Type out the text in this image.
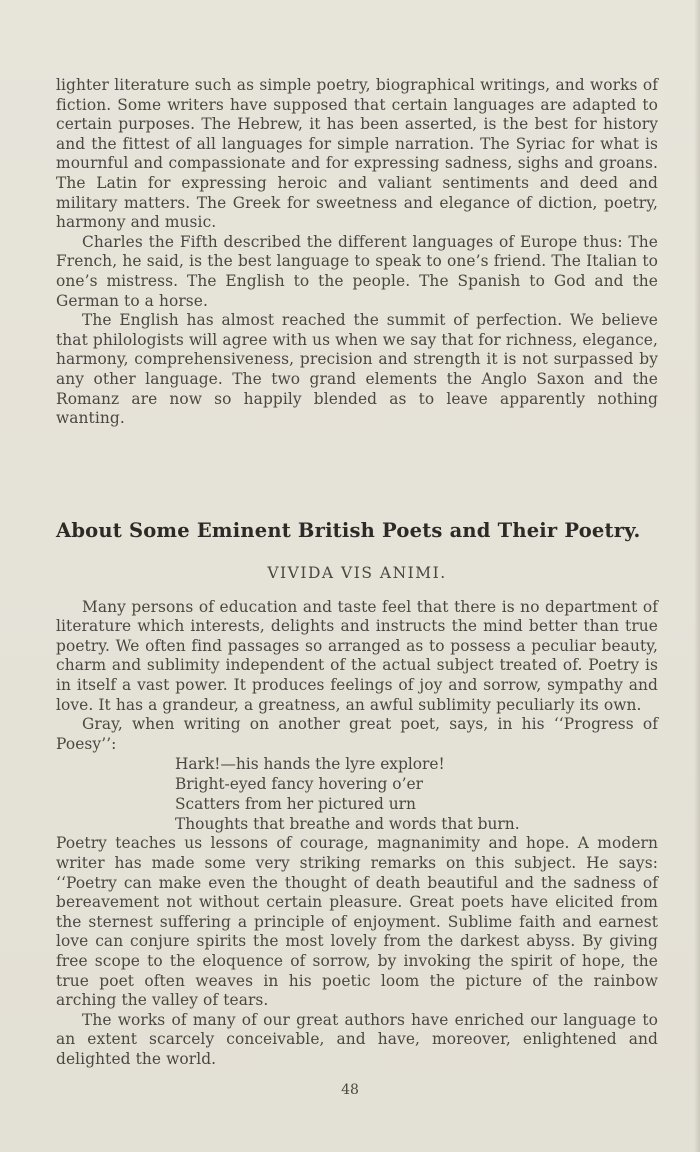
lighter literature such as simple poetry, biographical writings, and works of fiction. Some writers have supposed that certain languages are adapted to certain purposes. The Hebrew, it has been asserted, is the best for history and the fittest of all languages for simple narration. The Syriac for what is mournful and compassionate and for expressing sadness, sighs and groans. The Latin for expressing heroic and valiant sentiments and deed and military matters. The Greek for sweetness and elegance of diction, poetry, harmony and music.

Charles the Fifth described the different languages of Europe thus: The French, he said, is the best language to speak to one’s friend. The Italian to one’s mistress. The English to the people. The Spanish to God and the German to a horse.

The English has almost reached the summit of perfection. We believe that philologists will agree with us when we say that for richness, elegance, harmony, comprehensiveness, precision and strength it is not surpassed by any other language. The two grand elements the Anglo Saxon and the Romanz are now so happily blended as to leave apparently nothing wanting.

About Some Eminent British Poets and Their Poetry.
VIVIDA VIS ANIMI.

Many persons of education and taste feel that there is no department of literature which interests, delights and instructs the mind better than true poetry. We often find passages so arranged as to possess a peculiar beauty, charm and sublimity independent of the actual subject treated of. Poetry is in itself a vast power. It produces feelings of joy and sorrow, sympathy and love. It has a grandeur, a greatness, an awful sublimity peculiarly its own.

Gray, when writing on another great poet, says, in his ‘‘Progress of Poesy’’:

Hark!—his hands the lyre explore!
Bright-eyed fancy hovering o’er
Scatters from her pictured urn
Thoughts that breathe and words that burn.

Poetry teaches us lessons of courage, magnanimity and hope. A modern writer has made some very striking remarks on this subject. He says: ‘‘Poetry can make even the thought of death beautiful and the sadness of bereavement not without certain pleasure. Great poets have elicited from the sternest suffering a principle of enjoyment. Sublime faith and earnest love can conjure spirits the most lovely from the darkest abyss. By giving free scope to the eloquence of sorrow, by invoking the spirit of hope, the true poet often weaves in his poetic loom the picture of the rainbow arching the valley of tears.

The works of many of our great authors have enriched our language to an extent scarcely conceivable, and have, moreover, enlightened and delighted the world.

48
